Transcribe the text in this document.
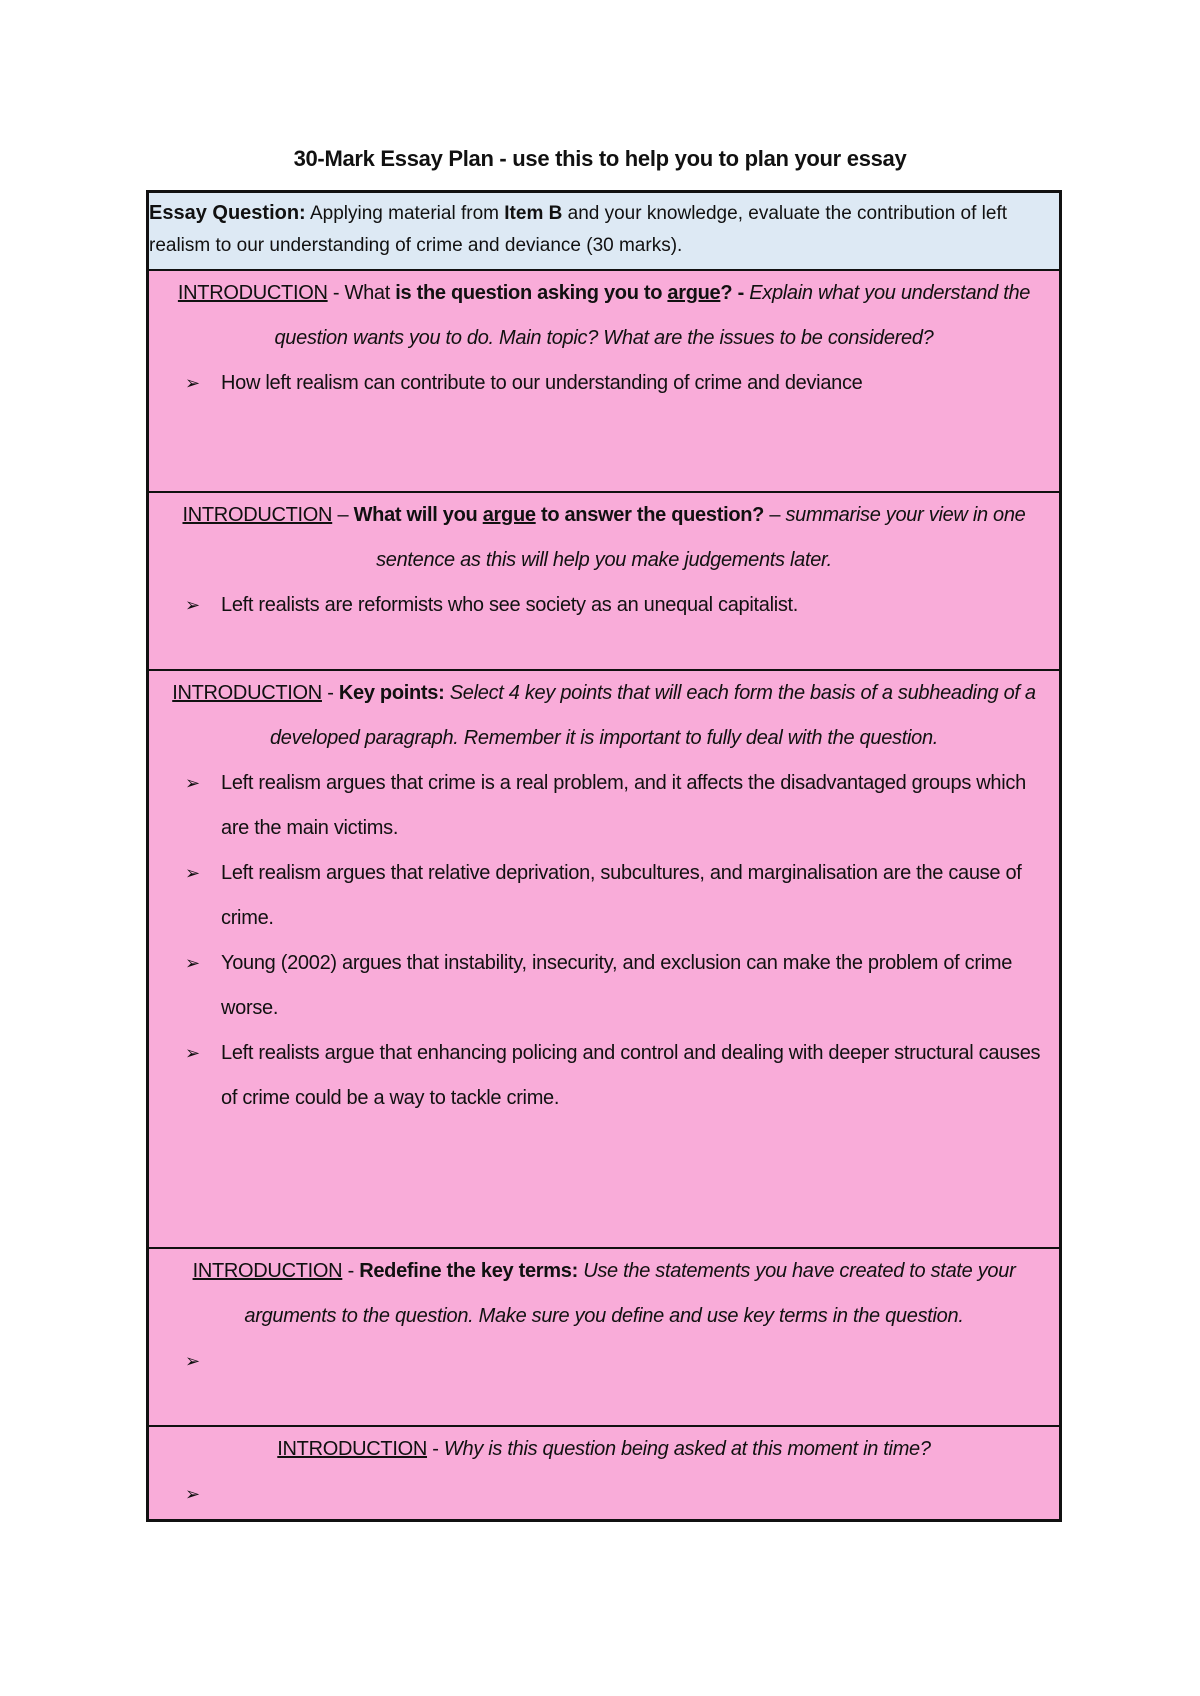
30-Mark Essay Plan - use this to help you to plan your essay
Essay Question: Applying material from Item B and your knowledge, evaluate the contribution of left realism to our understanding of crime and deviance (30 marks).
INTRODUCTION - What is the question asking you to argue? - Explain what you understand the question wants you to do. Main topic? What are the issues to be considered?
➢	How left realism can contribute to our understanding of crime and deviance
INTRODUCTION – What will you argue to answer the question? – summarise your view in one sentence as this will help you make judgements later.
➢	Left realists are reformists who see society as an unequal capitalist.
INTRODUCTION - Key points: Select 4 key points that will each form the basis of a subheading of a developed paragraph. Remember it is important to fully deal with the question.
➢	Left realism argues that crime is a real problem, and it affects the disadvantaged groups which are the main victims.
➢	Left realism argues that relative deprivation, subcultures, and marginalisation are the cause of crime.
➢	Young (2002) argues that instability, insecurity, and exclusion can make the problem of crime worse.
➢	Left realists argue that enhancing policing and control and dealing with deeper structural causes of crime could be a way to tackle crime.
INTRODUCTION - Redefine the key terms: Use the statements you have created to state your arguments to the question. Make sure you define and use key terms in the question.
➢
INTRODUCTION - Why is this question being asked at this moment in time?
➢
